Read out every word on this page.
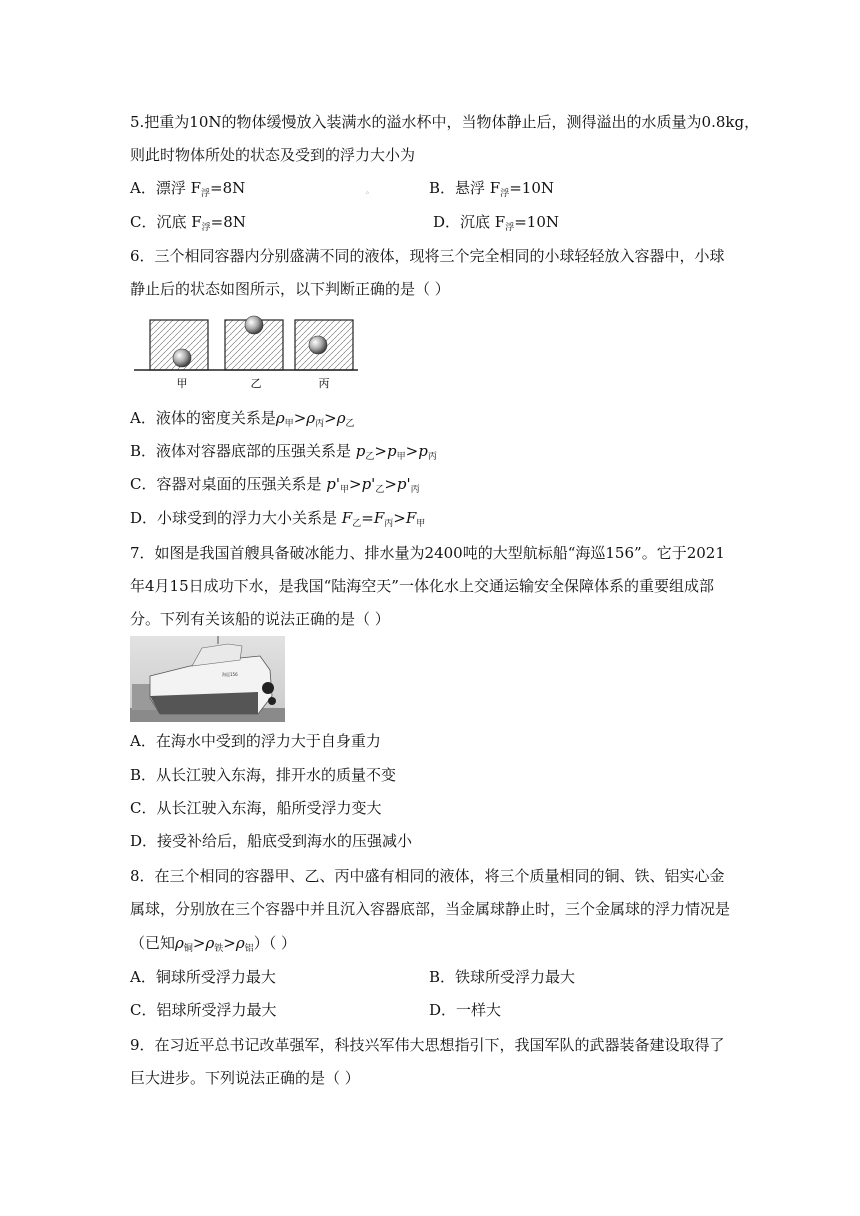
5.把重为10N的物体缓慢放入装满水的溢水杯中，当物体静止后，测得溢出的水质量为0.8kg，
则此时物体所处的状态及受到的浮力大小为
A．漂浮 $F_浮=8N$	。	B．悬浮 $F_浮=10N$
C．沉底 $F_浮=8N$	D．沉底 $F_浮=10N$
6．三个相同容器内分别盛满不同的液体，现将三个完全相同的小球轻轻放入容器中，小球
静止后的状态如图所示，以下判断正确的是（ ）
甲	乙	丙
A．液体的密度关系是$\rho_甲>\rho_丙>\rho_乙$
B．液体对容器底部的压强关系是 $p_乙>p_甲>p_丙$
C．容器对桌面的压强关系是 $p'_甲>p'_乙>p'_丙$
D．小球受到的浮力大小关系是 $F_乙=F_丙>F_甲$
7．如图是我国首艘具备破冰能力、排水量为2400吨的大型航标船“海巡156”。它于2021
年4月15日成功下水，是我国“陆海空天”一体化水上交通运输安全保障体系的重要组成部
分。下列有关该船的说法正确的是（ ）
海巡156
A．在海水中受到的浮力大于自身重力
B．从长江驶入东海，排开水的质量不变
C．从长江驶入东海，船所受浮力变大
D．接受补给后，船底受到海水的压强减小
8．在三个相同的容器甲、乙、丙中盛有相同的液体，将三个质量相同的铜、铁、铝实心金
属球，分别放在三个容器中并且沉入容器底部，当金属球静止时，三个金属球的浮力情况是
（已知$\rho_铜>\rho_铁>\rho_铝$）（ ）
A．铜球所受浮力最大	B．铁球所受浮力最大
C．铝球所受浮力最大	D．一样大
9．在习近平总书记改革强军，科技兴军伟大思想指引下，我国军队的武器装备建设取得了
巨大进步。下列说法正确的是（ ）
